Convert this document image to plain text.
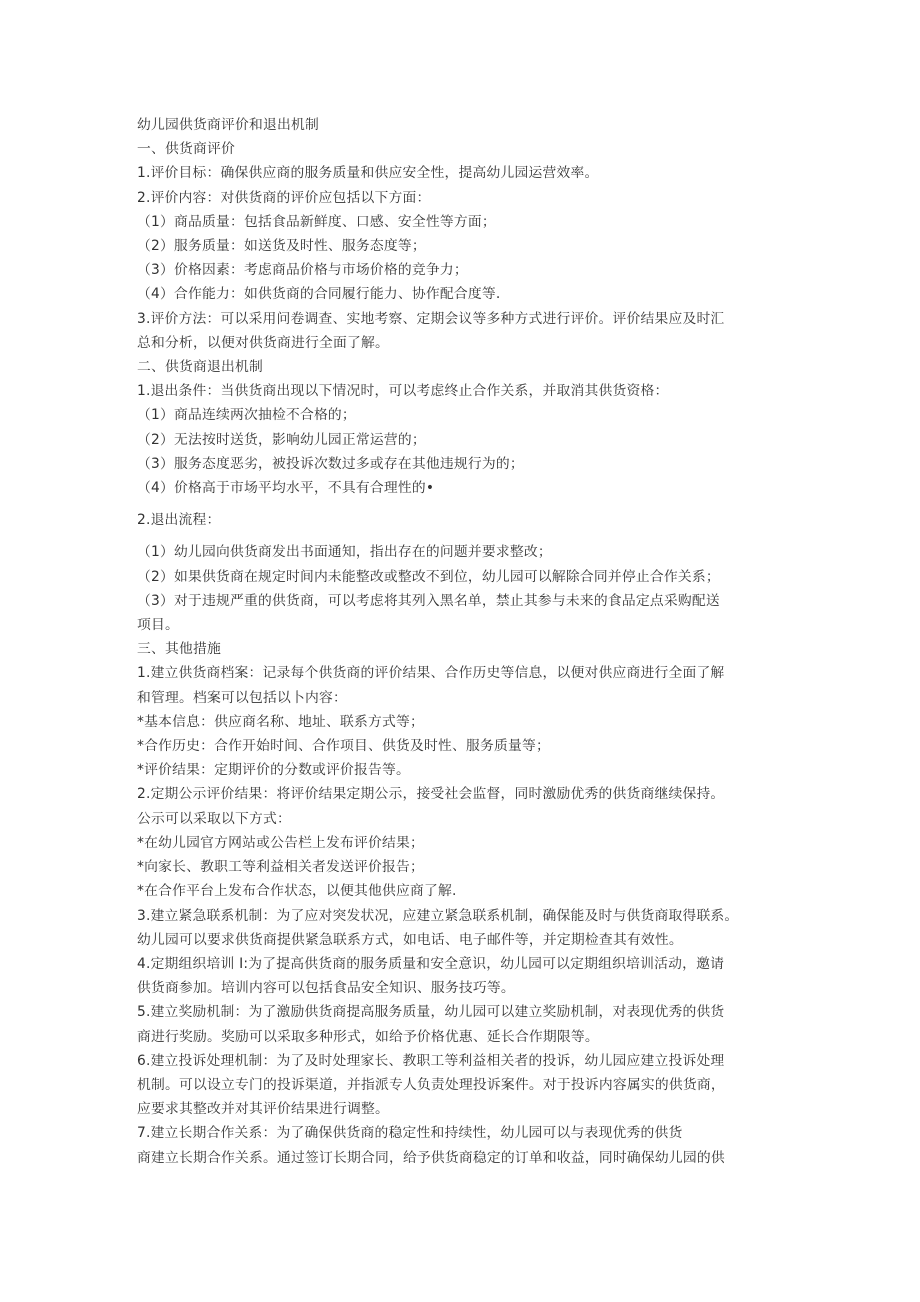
幼儿园供货商评价和退出机制
一、供货商评价
1.评价目标：确保供应商的服务质量和供应安全性，提高幼儿园运营效率。
2.评价内容：对供货商的评价应包括以下方面：
（1）商品质量：包括食品新鲜度、口感、安全性等方面；
（2）服务质量：如送货及时性、服务态度等；
（3）价格因素：考虑商品价格与市场价格的竞争力；
（4）合作能力：如供货商的合同履行能力、协作配合度等.
3.评价方法：可以采用问卷调查、实地考察、定期会议等多种方式进行评价。评价结果应及时汇
总和分析，以便对供货商进行全面了解。
二、供货商退出机制
1.退出条件：当供货商出现以下情况时，可以考虑终止合作关系，并取消其供货资格：
（1）商品连续两次抽检不合格的；
（2）无法按时送货，影响幼儿园正常运营的；
（3）服务态度恶劣，被投诉次数过多或存在其他违规行为的；
（4）价格高于市场平均水平，不具有合理性的•
2.退出流程：
（1）幼儿园向供货商发出书面通知，指出存在的问题并要求整改；
（2）如果供货商在规定时间内未能整改或整改不到位，幼儿园可以解除合同并停止合作关系；
（3）对于违规严重的供货商，可以考虑将其列入黑名单，禁止其参与未来的食品定点采购配送
项目。
三、其他措施
1.建立供货商档案：记录每个供货商的评价结果、合作历史等信息，以便对供应商进行全面了解
和管理。档案可以包括以卜内容：
*基本信息：供应商名称、地址、联系方式等；
*合作历史：合作开始时间、合作项目、供货及时性、服务质量等；
*评价结果：定期评价的分数或评价报告等。
2.定期公示评价结果：将评价结果定期公示，接受社会监督，同时激励优秀的供货商继续保持。
公示可以采取以下方式：
*在幼儿园官方网站或公告栏上发布评价结果；
*向家长、教职工等利益相关者发送评价报告；
*在合作平台上发布合作状态，以便其他供应商了解.
3.建立紧急联系机制：为了应对突发状况，应建立紧急联系机制，确保能及时与供货商取得联系。
幼儿园可以要求供货商提供紧急联系方式，如电话、电子邮件等，并定期检查其有效性。
4.定期组织培训 I:为了提高供货商的服务质量和安全意识，幼儿园可以定期组织培训活动，邀请
供货商参加。培训内容可以包括食品安全知识、服务技巧等。
5.建立奖励机制：为了激励供货商提高服务质量，幼儿园可以建立奖励机制，对表现优秀的供货
商进行奖励。奖励可以采取多种形式，如给予价格优惠、延长合作期限等。
6.建立投诉处理机制：为了及时处理家长、教职工等利益相关者的投诉，幼儿园应建立投诉处理
机制。可以设立专门的投诉渠道，并指派专人负责处理投诉案件。对于投诉内容属实的供货商，
应要求其整改并对其评价结果进行调整。
7.建立长期合作关系：为了确保供货商的稳定性和持续性，幼儿园可以与表现优秀的供货
商建立长期合作关系。通过签订长期合同，给予供货商稳定的订单和收益，同时确保幼儿园的供
